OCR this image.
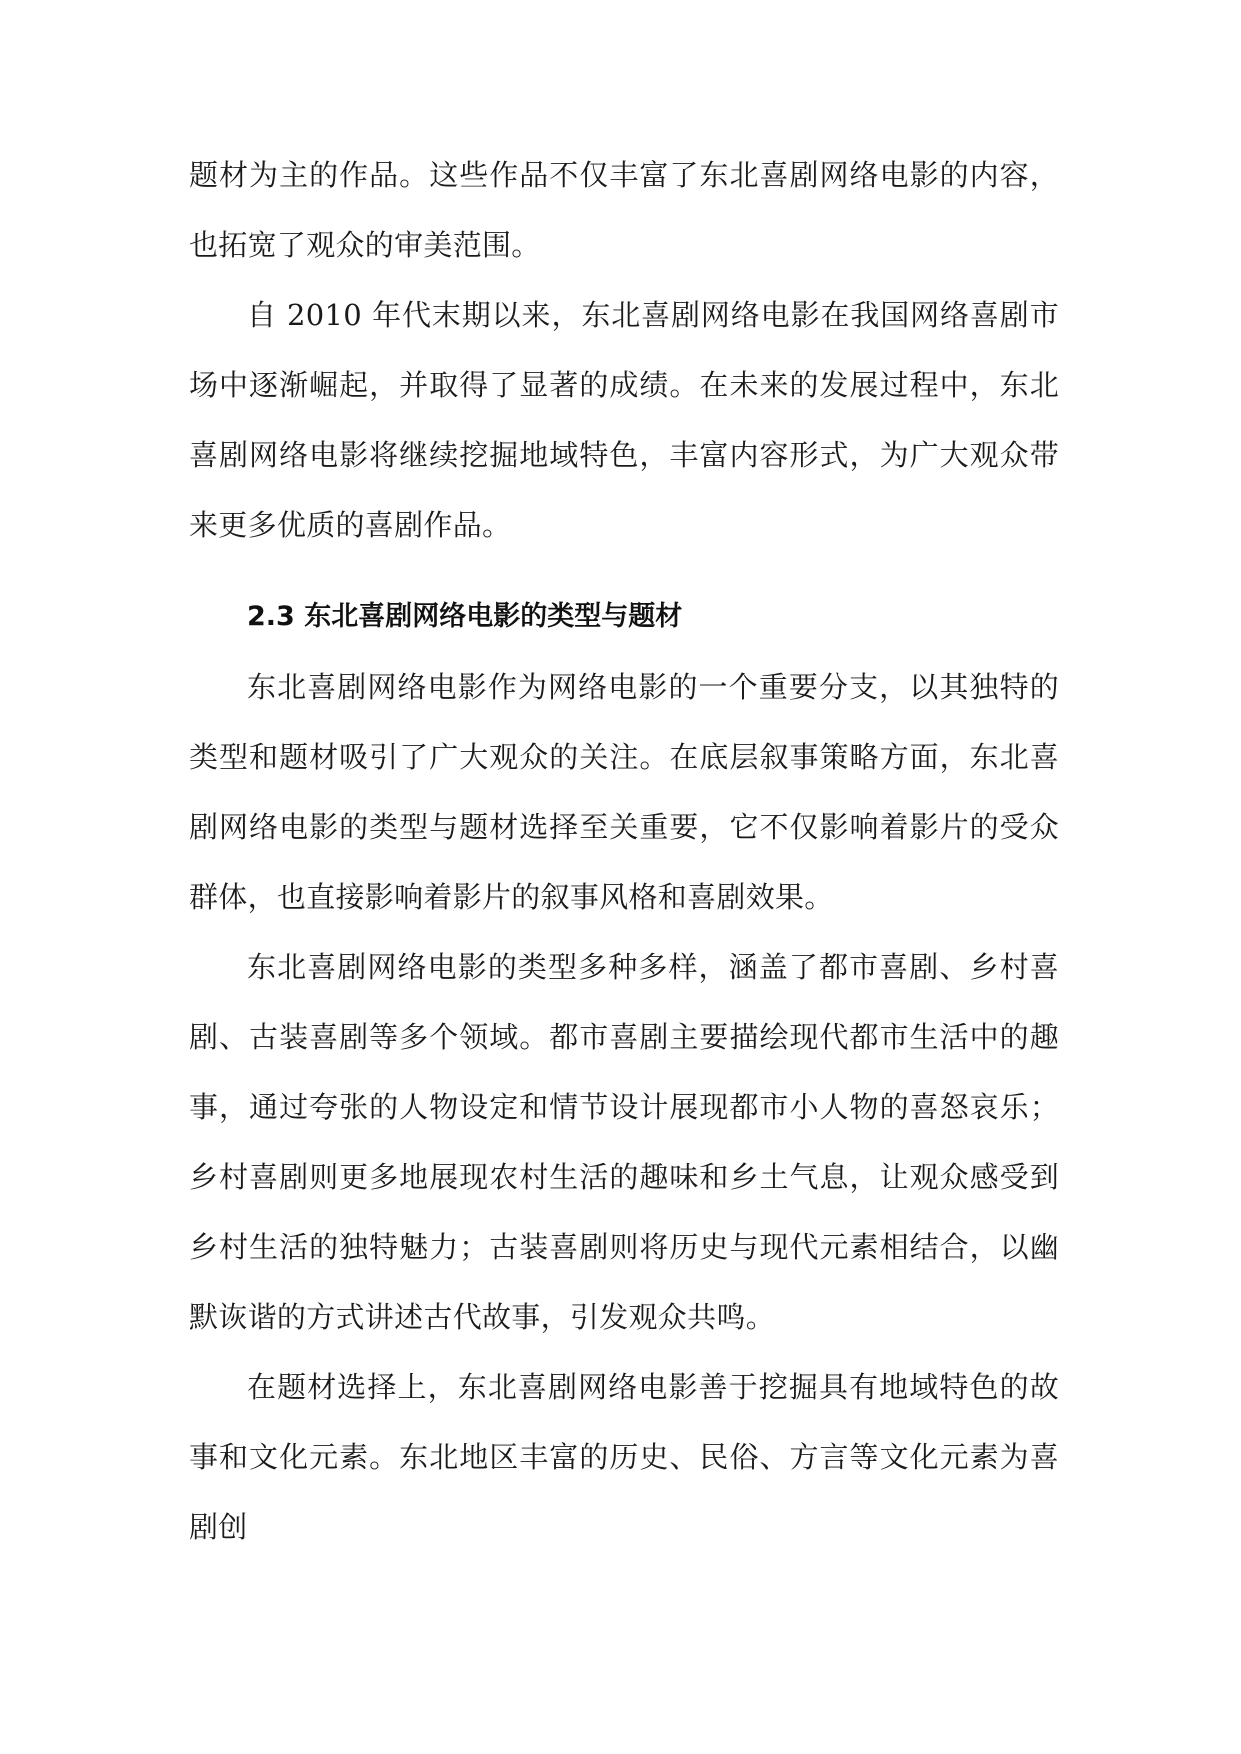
题材为主的作品。这些作品不仅丰富了东北喜剧网络电影的内容，也拓宽了观众的审美范围。

自 2010 年代末期以来，东北喜剧网络电影在我国网络喜剧市场中逐渐崛起，并取得了显著的成绩。在未来的发展过程中，东北喜剧网络电影将继续挖掘地域特色，丰富内容形式，为广大观众带来更多优质的喜剧作品。

2.3 东北喜剧网络电影的类型与题材

东北喜剧网络电影作为网络电影的一个重要分支，以其独特的类型和题材吸引了广大观众的关注。在底层叙事策略方面，东北喜剧网络电影的类型与题材选择至关重要，它不仅影响着影片的受众群体，也直接影响着影片的叙事风格和喜剧效果。

东北喜剧网络电影的类型多种多样，涵盖了都市喜剧、乡村喜剧、古装喜剧等多个领域。都市喜剧主要描绘现代都市生活中的趣事，通过夸张的人物设定和情节设计展现都市小人物的喜怒哀乐；乡村喜剧则更多地展现农村生活的趣味和乡土气息，让观众感受到乡村生活的独特魅力；古装喜剧则将历史与现代元素相结合，以幽默诙谐的方式讲述古代故事，引发观众共鸣。

在题材选择上，东北喜剧网络电影善于挖掘具有地域特色的故事和文化元素。东北地区丰富的历史、民俗、方言等文化元素为喜剧创
